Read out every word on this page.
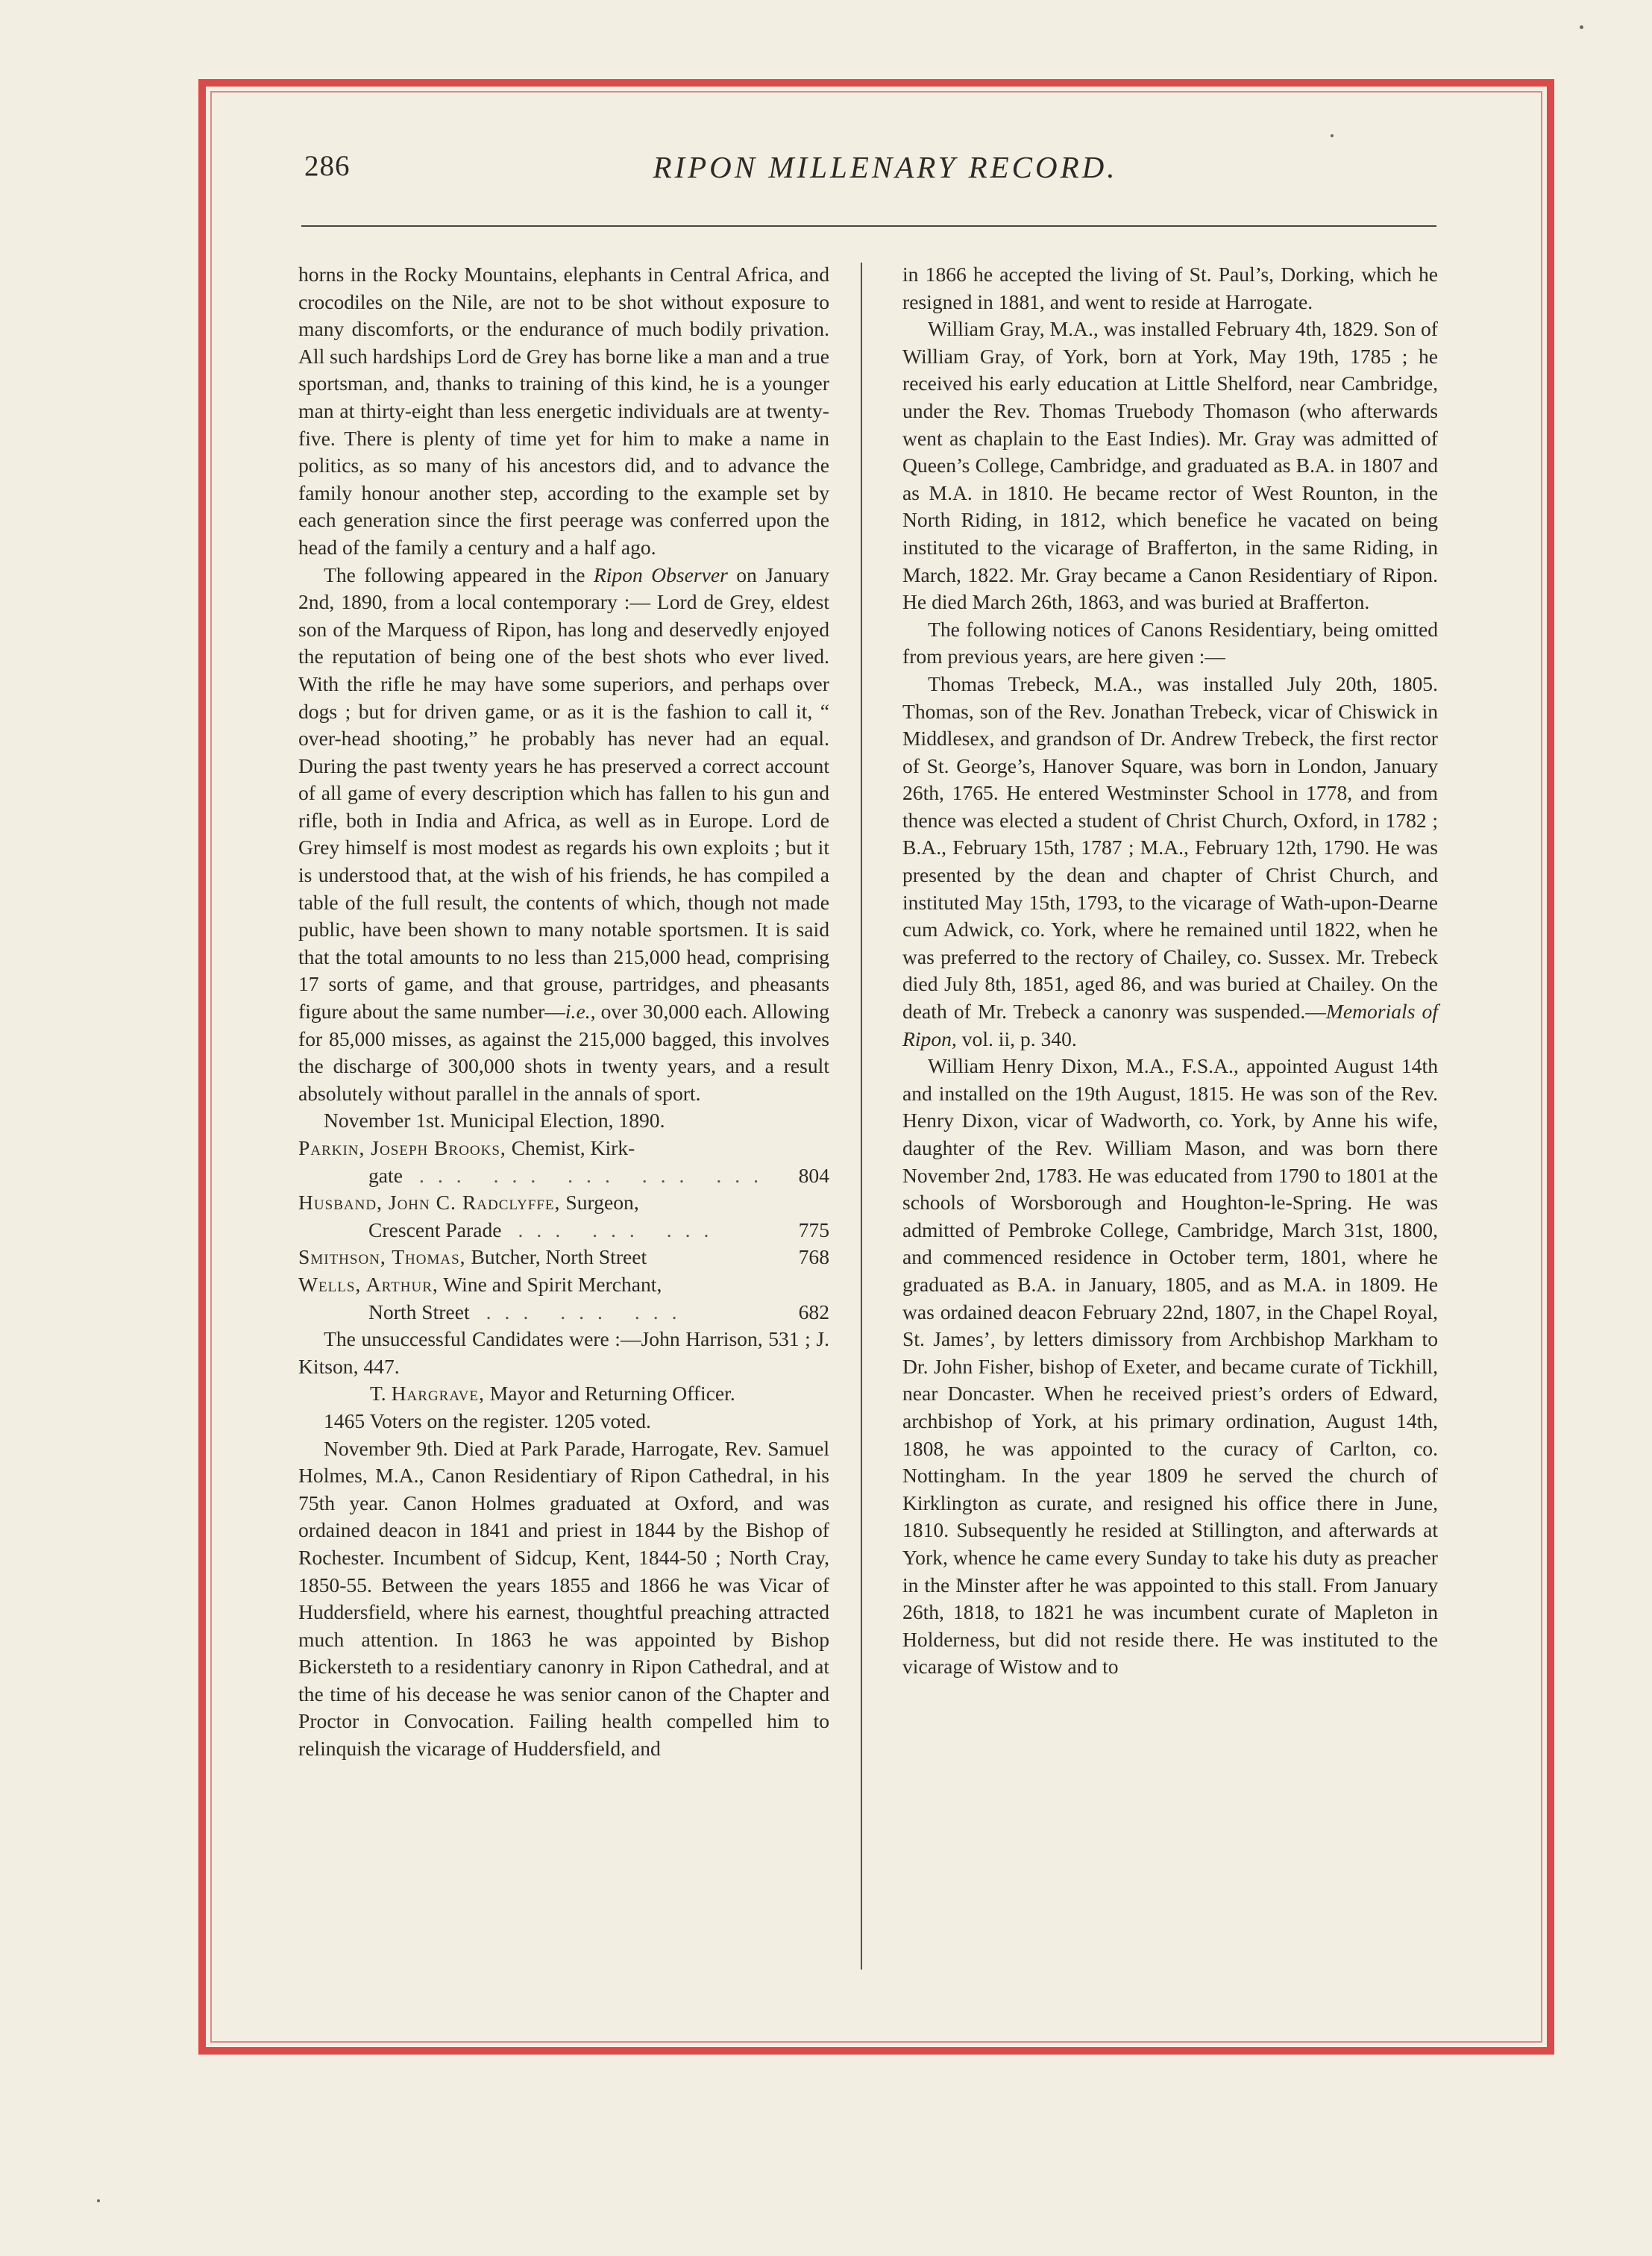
286	RIPON MILLENARY RECORD.

horns in the Rocky Mountains, elephants in Central Africa, and crocodiles on the Nile, are not to be shot without exposure to many discomforts, or the endurance of much bodily privation. All such hardships Lord de Grey has borne like a man and a true sportsman, and, thanks to training of this kind, he is a younger man at thirty-eight than less energetic individuals are at twenty-five. There is plenty of time yet for him to make a name in politics, as so many of his ancestors did, and to advance the family honour another step, according to the example set by each generation since the first peerage was conferred upon the head of the family a century and a half ago.

The following appeared in the Ripon Observer on January 2nd, 1890, from a local contemporary :— Lord de Grey, eldest son of the Marquess of Ripon, has long and deservedly enjoyed the reputation of being one of the best shots who ever lived. With the rifle he may have some superiors, and perhaps over dogs ; but for driven game, or as it is the fashion to call it, “ over-head shooting,” he probably has never had an equal. During the past twenty years he has preserved a correct account of all game of every description which has fallen to his gun and rifle, both in India and Africa, as well as in Europe. Lord de Grey himself is most modest as regards his own exploits ; but it is understood that, at the wish of his friends, he has compiled a table of the full result, the contents of which, though not made public, have been shown to many notable sportsmen. It is said that the total amounts to no less than 215,000 head, comprising 17 sorts of game, and that grouse, partridges, and pheasants figure about the same number—i.e., over 30,000 each. Allowing for 85,000 misses, as against the 215,000 bagged, this involves the discharge of 300,000 shots in twenty years, and a result absolutely without parallel in the annals of sport.

November 1st. Municipal Election, 1890.

Parkin, Joseph Brooks, Chemist, Kirk-
gate ... ... ... ... ...	804
Husband, John C. Radclyffe, Surgeon,
Crescent Parade ... ... ...	775
Smithson, Thomas, Butcher, North Street	768
Wells, Arthur, Wine and Spirit Merchant,
North Street ... ... ...	682

The unsuccessful Candidates were :—John Harrison, 531 ; J. Kitson, 447.

T. Hargrave, Mayor and Returning Officer.

1465 Voters on the register. 1205 voted.

November 9th. Died at Park Parade, Harrogate, Rev. Samuel Holmes, M.A., Canon Residentiary of Ripon Cathedral, in his 75th year. Canon Holmes graduated at Oxford, and was ordained deacon in 1841 and priest in 1844 by the Bishop of Rochester. Incumbent of Sidcup, Kent, 1844-50 ; North Cray, 1850-55. Between the years 1855 and 1866 he was Vicar of Huddersfield, where his earnest, thoughtful preaching attracted much attention. In 1863 he was appointed by Bishop Bickersteth to a residentiary canonry in Ripon Cathedral, and at the time of his decease he was senior canon of the Chapter and Proctor in Convocation. Failing health compelled him to relinquish the vicarage of Huddersfield, and

in 1866 he accepted the living of St. Paul’s, Dorking, which he resigned in 1881, and went to reside at Harrogate.

William Gray, M.A., was installed February 4th, 1829. Son of William Gray, of York, born at York, May 19th, 1785 ; he received his early education at Little Shelford, near Cambridge, under the Rev. Thomas Truebody Thomason (who afterwards went as chaplain to the East Indies). Mr. Gray was admitted of Queen’s College, Cambridge, and graduated as B.A. in 1807 and as M.A. in 1810. He became rector of West Rounton, in the North Riding, in 1812, which benefice he vacated on being instituted to the vicarage of Brafferton, in the same Riding, in March, 1822. Mr. Gray became a Canon Residentiary of Ripon. He died March 26th, 1863, and was buried at Brafferton.

The following notices of Canons Residentiary, being omitted from previous years, are here given :—

Thomas Trebeck, M.A., was installed July 20th, 1805. Thomas, son of the Rev. Jonathan Trebeck, vicar of Chiswick in Middlesex, and grandson of Dr. Andrew Trebeck, the first rector of St. George’s, Hanover Square, was born in London, January 26th, 1765. He entered Westminster School in 1778, and from thence was elected a student of Christ Church, Oxford, in 1782 ; B.A., February 15th, 1787 ; M.A., February 12th, 1790. He was presented by the dean and chapter of Christ Church, and instituted May 15th, 1793, to the vicarage of Wath-upon-Dearne cum Adwick, co. York, where he remained until 1822, when he was preferred to the rectory of Chailey, co. Sussex. Mr. Trebeck died July 8th, 1851, aged 86, and was buried at Chailey. On the death of Mr. Trebeck a canonry was suspended.—Memorials of Ripon, vol. ii, p. 340.

William Henry Dixon, M.A., F.S.A., appointed August 14th and installed on the 19th August, 1815. He was son of the Rev. Henry Dixon, vicar of Wadworth, co. York, by Anne his wife, daughter of the Rev. William Mason, and was born there November 2nd, 1783. He was educated from 1790 to 1801 at the schools of Worsborough and Houghton-le-Spring. He was admitted of Pembroke College, Cambridge, March 31st, 1800, and commenced residence in October term, 1801, where he graduated as B.A. in January, 1805, and as M.A. in 1809. He was ordained deacon February 22nd, 1807, in the Chapel Royal, St. James’, by letters dimissory from Archbishop Markham to Dr. John Fisher, bishop of Exeter, and became curate of Tickhill, near Doncaster. When he received priest’s orders of Edward, archbishop of York, at his primary ordination, August 14th, 1808, he was appointed to the curacy of Carlton, co. Nottingham. In the year 1809 he served the church of Kirklington as curate, and resigned his office there in June, 1810. Subsequently he resided at Stillington, and afterwards at York, whence he came every Sunday to take his duty as preacher in the Minster after he was appointed to this stall. From January 26th, 1818, to 1821 he was incumbent curate of Mapleton in Holderness, but did not reside there. He was instituted to the vicarage of Wistow and to
